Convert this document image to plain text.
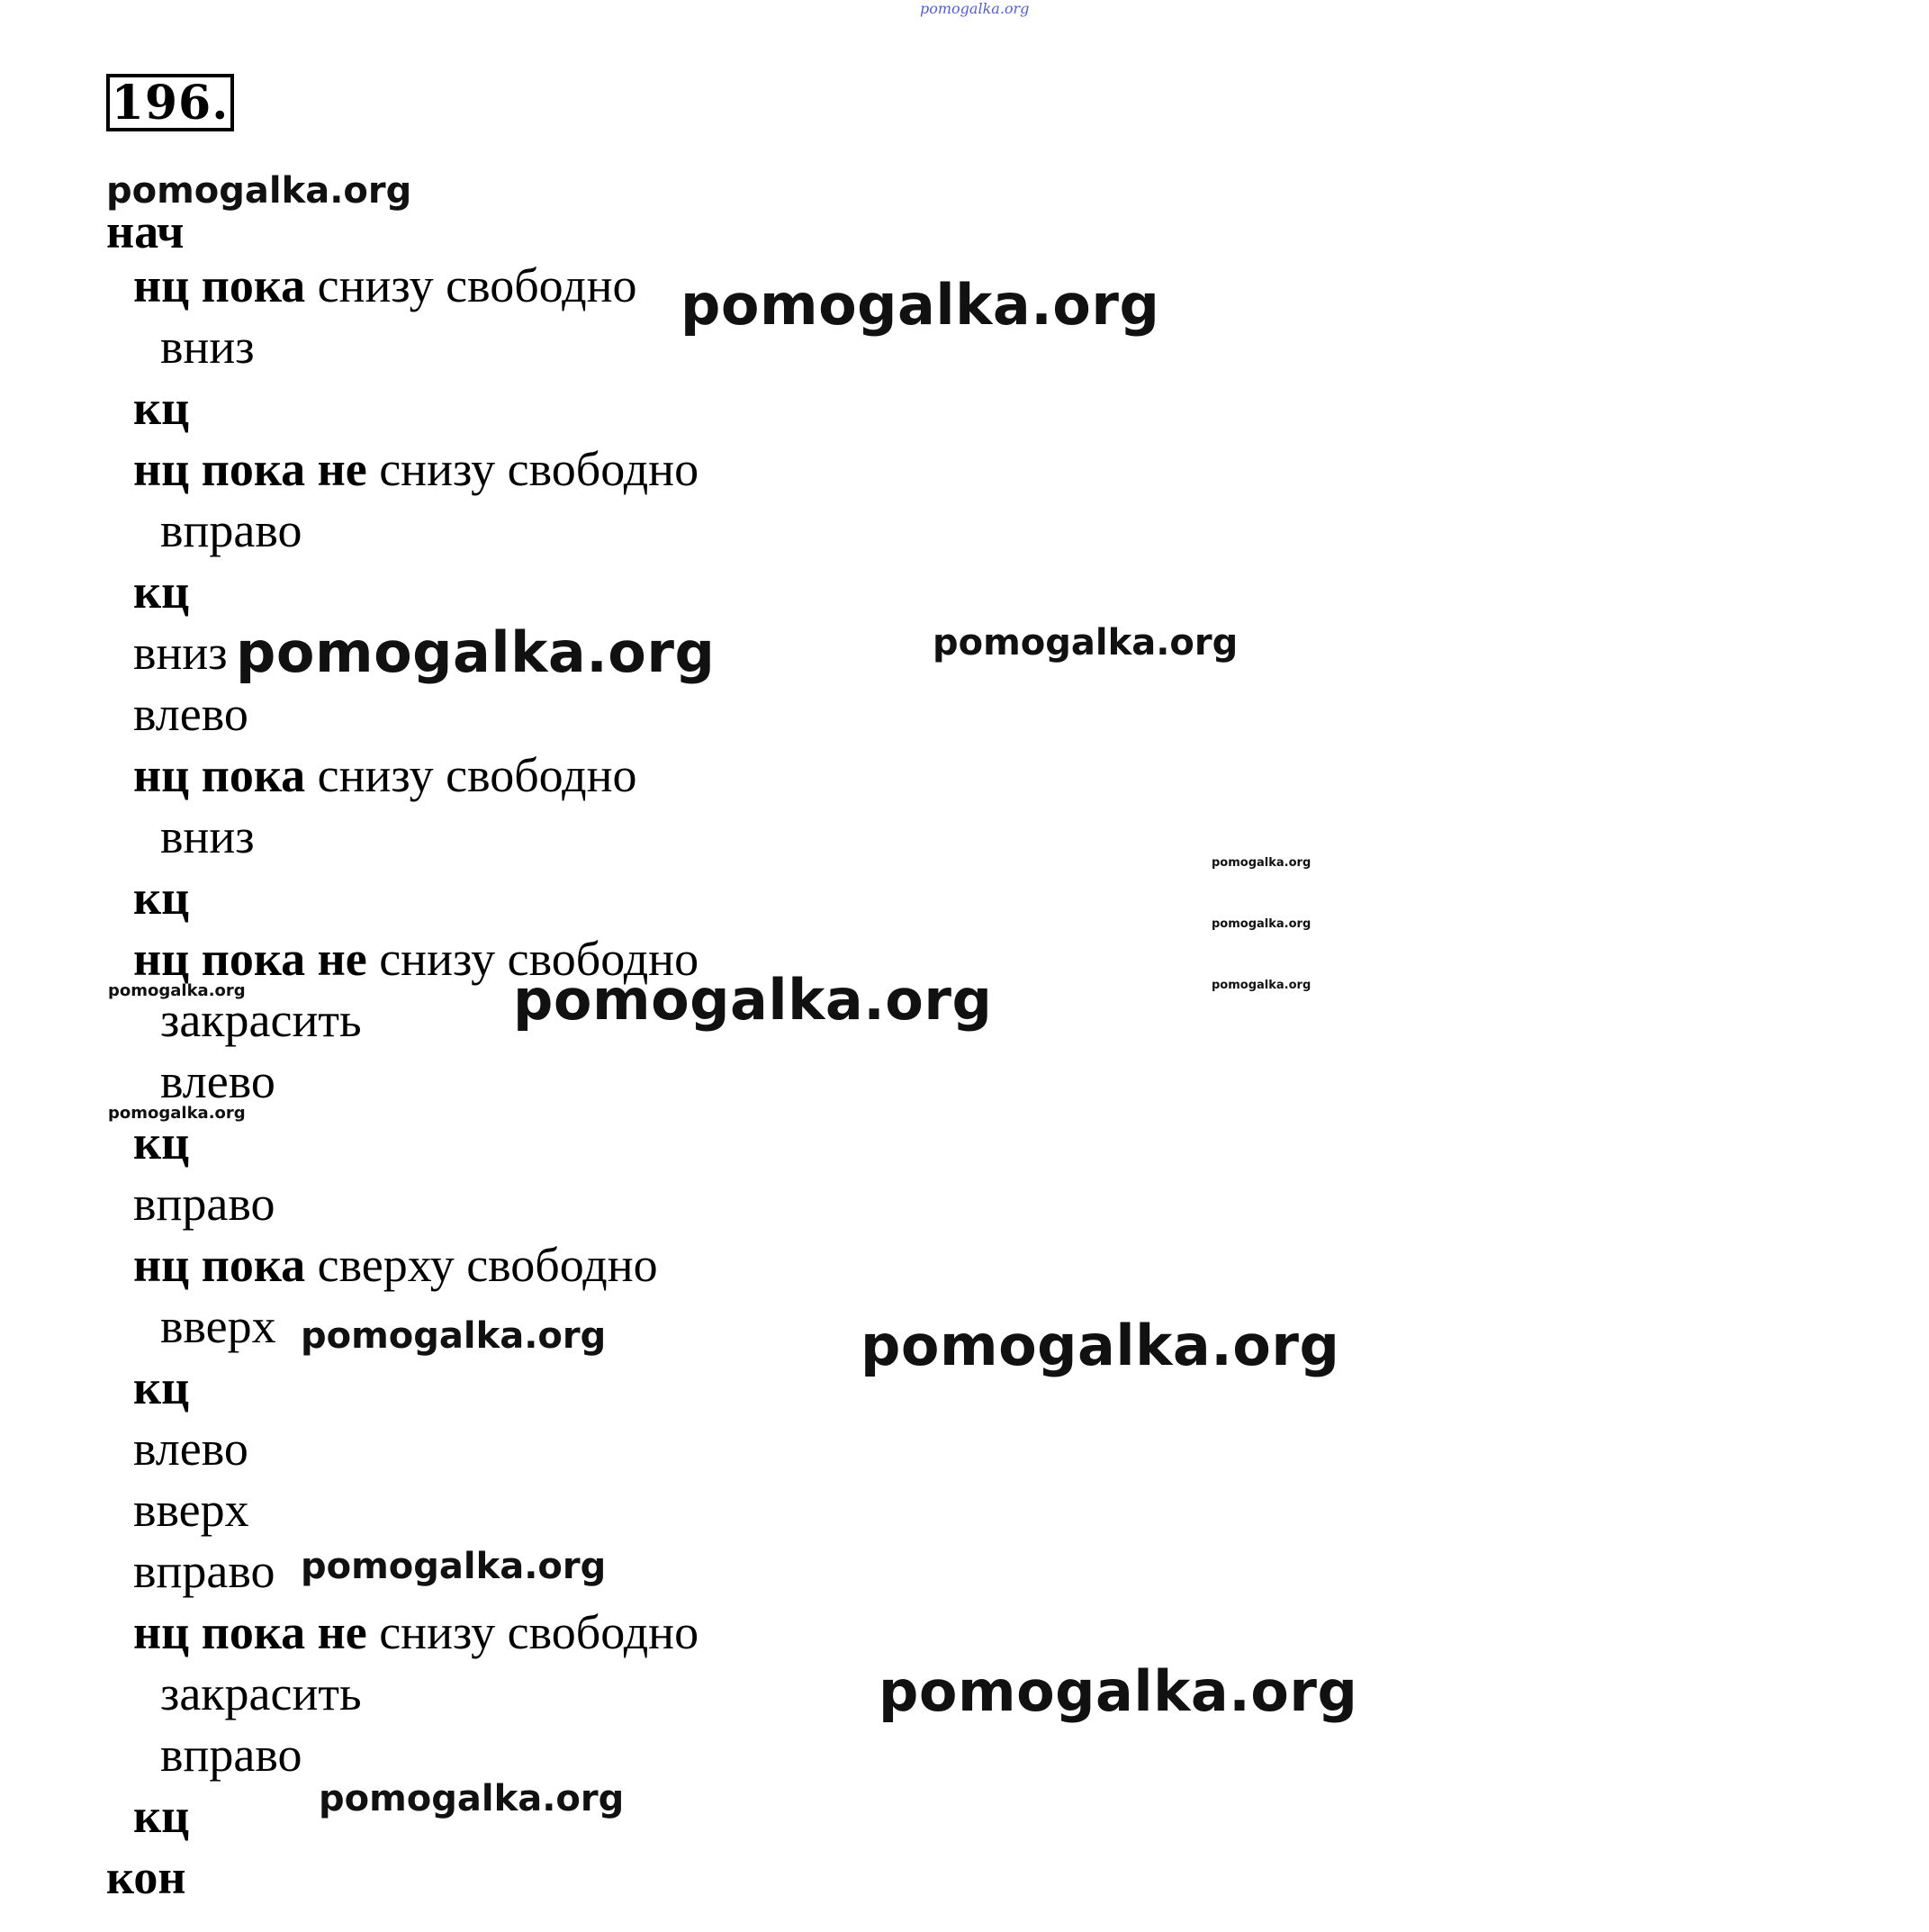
pomogalka.org
196.
нач
нц пока снизу свободно
вниз
кц
нц пока не снизу свободно
вправо
кц
вниз
влево
нц пока снизу свободно
вниз
кц
нц пока не снизу свободно
закрасить
влево
кц
вправо
нц пока сверху свободно
вверх
кц
влево
вверх
вправо
нц пока не снизу свободно
закрасить
вправо
кц
кон
pomogalka.org
pomogalka.org
pomogalka.org	pomogalka.org
pomogalka.org
pomogalka.org
pomogalka.org
pomogalka.org	pomogalka.org
pomogalka.org
pomogalka.org	pomogalka.org
pomogalka.org
pomogalka.org
pomogalka.org
pomogalka.org
